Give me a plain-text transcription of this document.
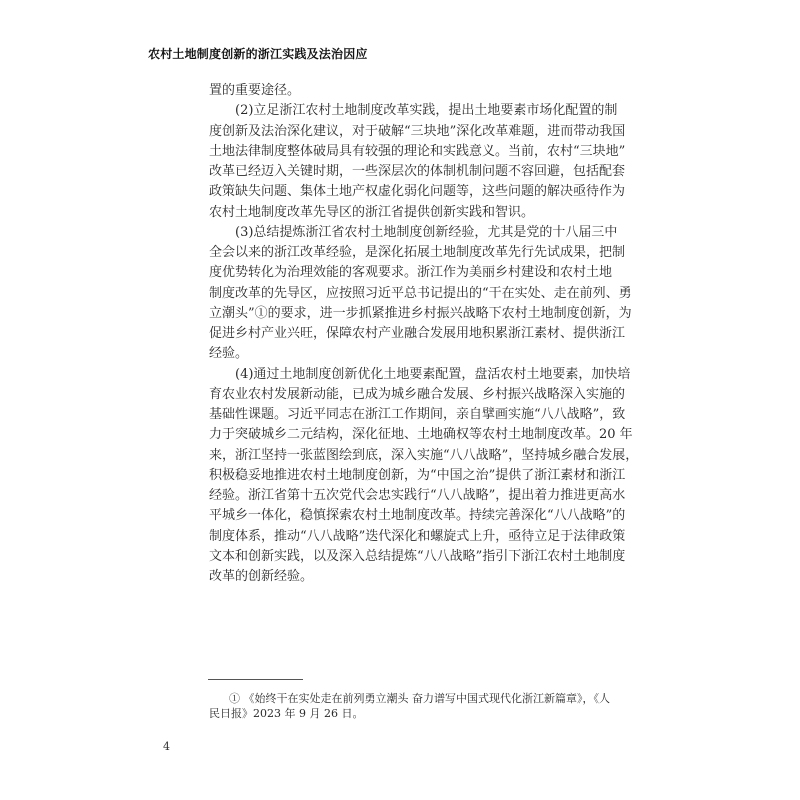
农村土地制度创新的浙江实践及法治因应
置的重要途径。
(2)立足浙江农村土地制度改革实践，提出土地要素市场化配置的制
度创新及法治深化建议，对于破解“三块地”深化改革难题，进而带动我国
土地法律制度整体破局具有较强的理论和实践意义。当前，农村“三块地”
改革已经迈入关键时期，一些深层次的体制机制问题不容回避，包括配套
政策缺失问题、集体土地产权虚化弱化问题等，这些问题的解决亟待作为
农村土地制度改革先导区的浙江省提供创新实践和智识。
(3)总结提炼浙江省农村土地制度创新经验，尤其是党的十八届三中
全会以来的浙江改革经验，是深化拓展土地制度改革先行先试成果，把制
度优势转化为治理效能的客观要求。浙江作为美丽乡村建设和农村土地
制度改革的先导区，应按照习近平总书记提出的“干在实处、走在前列、勇
立潮头”①的要求，进一步抓紧推进乡村振兴战略下农村土地制度创新，为
促进乡村产业兴旺，保障农村产业融合发展用地积累浙江素材、提供浙江
经验。
(4)通过土地制度创新优化土地要素配置，盘活农村土地要素，加快培
育农业农村发展新动能，已成为城乡融合发展、乡村振兴战略深入实施的
基础性课题。习近平同志在浙江工作期间，亲自擘画实施“八八战略”，致
力于突破城乡二元结构，深化征地、土地确权等农村土地制度改革。20 年
来，浙江坚持一张蓝图绘到底，深入实施“八八战略”，坚持城乡融合发展，
积极稳妥地推进农村土地制度创新，为“中国之治”提供了浙江素材和浙江
经验。浙江省第十五次党代会忠实践行“八八战略”，提出着力推进更高水
平城乡一体化，稳慎探索农村土地制度改革。持续完善深化“八八战略”的
制度体系，推动“八八战略”迭代深化和螺旋式上升，亟待立足于法律政策
文本和创新实践，以及深入总结提炼“八八战略”指引下浙江农村土地制度
改革的创新经验。
① 《始终干在实处走在前列勇立潮头 奋力谱写中国式现代化浙江新篇章》，《人
民日报》2023 年 9 月 26 日。
4
